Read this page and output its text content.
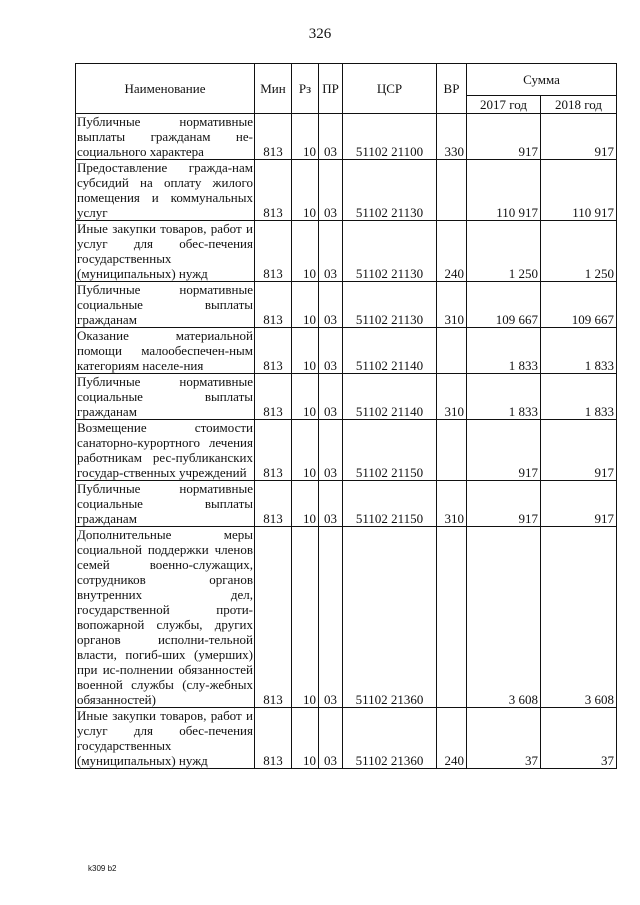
326
Наименование	Мин	Рз	ПР	ЦСР	ВР	Сумма	
						2017 год	2018 год
Публичные нормативные выплаты гражданам не-социального характера	813	10	03	51102 21100	330	917	917
Предоставление гражда-нам субсидий на оплату жилого помещения и коммунальных услуг	813	10	03	51102 21130		110 917	110 917
Иные закупки товаров, работ и услуг для обес-печения государственных (муниципальных) нужд	813	10	03	51102 21130	240	1 250	1 250
Публичные нормативные социальные выплаты гражданам	813	10	03	51102 21130	310	109 667	109 667
Оказание материальной помощи малообеспечен-ным категориям населе-ния	813	10	03	51102 21140		1 833	1 833
Публичные нормативные социальные выплаты гражданам	813	10	03	51102 21140	310	1 833	1 833
Возмещение стоимости санаторно-курортного лечения работникам рес-публиканских государ-ственных учреждений	813	10	03	51102 21150		917	917
Публичные нормативные социальные выплаты гражданам	813	10	03	51102 21150	310	917	917
Дополнительные меры социальной поддержки членов семей военно-служащих, сотрудников органов внутренних дел, государственной проти-вопожарной службы, других органов исполни-тельной власти, погиб-ших (умерших) при ис-полнении обязанностей военной службы (слу-жебных обязанностей)	813	10	03	51102 21360		3 608	3 608
Иные закупки товаров, работ и услуг для обес-печения государственных (муниципальных) нужд	813	10	03	51102 21360	240	37	37
k309 b2
